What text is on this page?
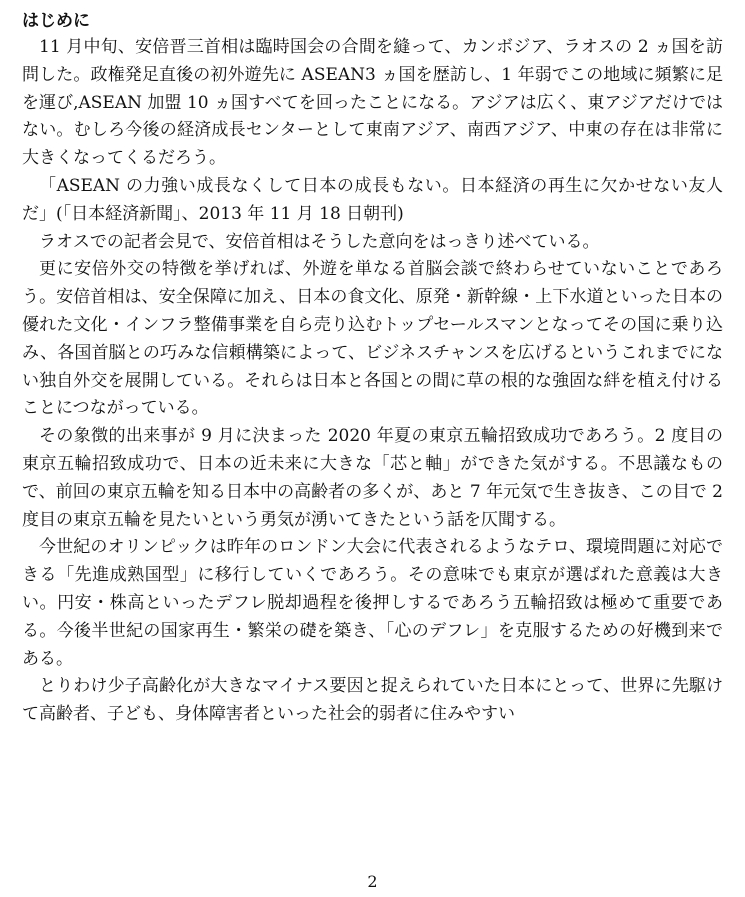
はじめに

11 月中旬、安倍晋三首相は臨時国会の合間を縫って、カンボジア、ラオスの 2 ヵ国を訪問した。政権発足直後の初外遊先に ASEAN3 ヵ国を歴訪し、1 年弱でこの地域に頻繁に足を運び,ASEAN 加盟 10 ヵ国すべてを回ったことになる。アジアは広く、東アジアだけではない。むしろ今後の経済成長センターとして東南アジア、南西アジア、中東の存在は非常に大きくなってくるだろう。

「ASEAN の力強い成長なくして日本の成長もない。日本経済の再生に欠かせない友人だ」(「日本経済新聞」、2013 年 11 月 18 日朝刊)

ラオスでの記者会見で、安倍首相はそうした意向をはっきり述べている。

更に安倍外交の特徴を挙げれば、外遊を単なる首脳会談で終わらせていないことであろう。安倍首相は、安全保障に加え、日本の食文化、原発・新幹線・上下水道といった日本の優れた文化・インフラ整備事業を自ら売り込むトップセールスマンとなってその国に乗り込み、各国首脳との巧みな信頼構築によって、ビジネスチャンスを広げるというこれまでにない独自外交を展開している。それらは日本と各国との間に草の根的な強固な絆を植え付けることにつながっている。

その象徴的出来事が 9 月に決まった 2020 年夏の東京五輪招致成功であろう。2 度目の東京五輪招致成功で、日本の近未来に大きな「芯と軸」ができた気がする。不思議なもので、前回の東京五輪を知る日本中の高齢者の多くが、あと 7 年元気で生き抜き、この目で 2 度目の東京五輪を見たいという勇気が湧いてきたという話を仄聞する。

今世紀のオリンピックは昨年のロンドン大会に代表されるようなテロ、環境問題に対応できる「先進成熟国型」に移行していくであろう。その意味でも東京が選ばれた意義は大きい。円安・株高といったデフレ脱却過程を後押しするであろう五輪招致は極めて重要である。今後半世紀の国家再生・繁栄の礎を築き、「心のデフレ」を克服するための好機到来である。

とりわけ少子高齢化が大きなマイナス要因と捉えられていた日本にとって、世界に先駆けて高齢者、子ども、身体障害者といった社会的弱者に住みやすい

2
